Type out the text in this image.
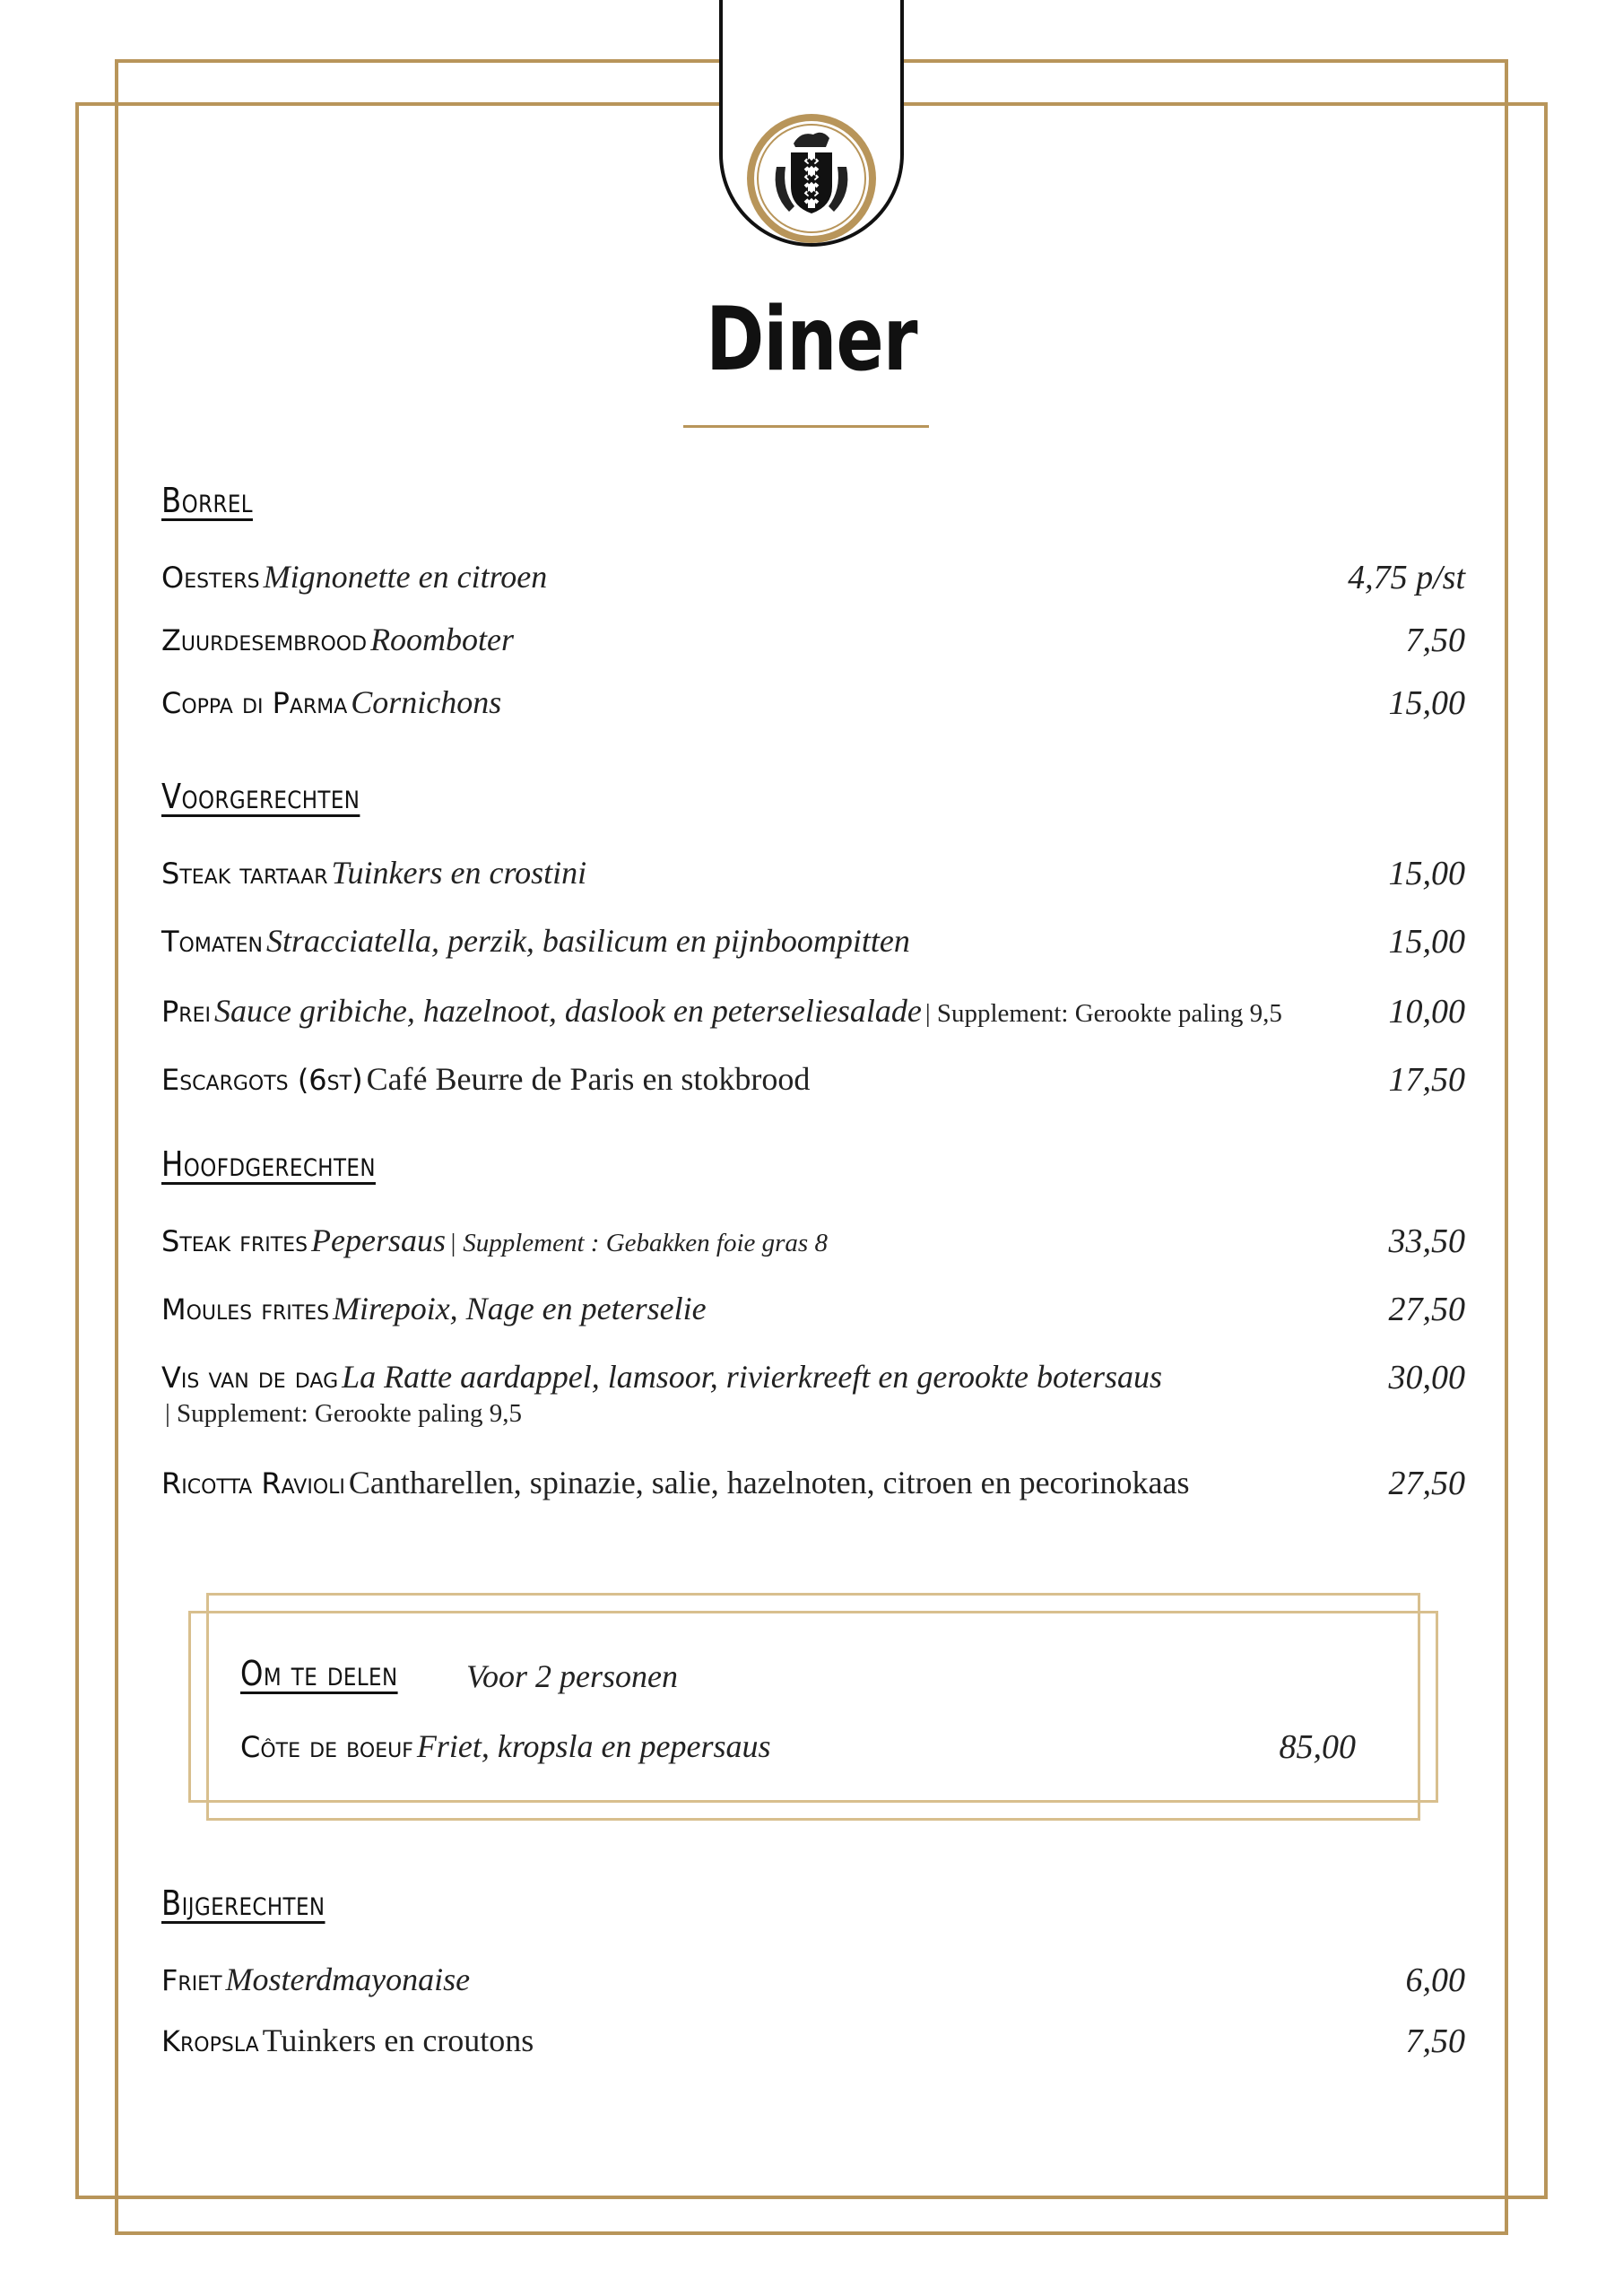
Diner
Borrel
Oesters Mignonette en citroen	4,75 p/st
Zuurdesembrood Roomboter	7,50
Coppa di Parma Cornichons	15,00
Voorgerechten
Steak tartaar Tuinkers en crostini	15,00
Tomaten Stracciatella, perzik, basilicum en pijnboompitten	15,00
Prei Sauce gribiche, hazelnoot, daslook en peterseliesalade | Supplement: Gerookte paling 9,5	10,00
Escargots (6st) Café Beurre de Paris en stokbrood	17,50
Hoofdgerechten
Steak frites Pepersaus | Supplement : Gebakken foie gras 8	33,50
Moules frites Mirepoix, Nage en peterselie	27,50
Vis van de dag La Ratte aardappel, lamsoor, rivierkreeft en gerookte botersaus
| Supplement: Gerookte paling 9,5
30,00
Ricotta Ravioli Cantharellen, spinazie, salie, hazelnoten, citroen en pecorinokaas	27,50
Om te delen Voor 2 personen
Côte de boeuf Friet, kropsla en pepersaus	85,00
Bijgerechten
Friet Mosterdmayonaise	6,00
Kropsla Tuinkers en croutons	7,50
